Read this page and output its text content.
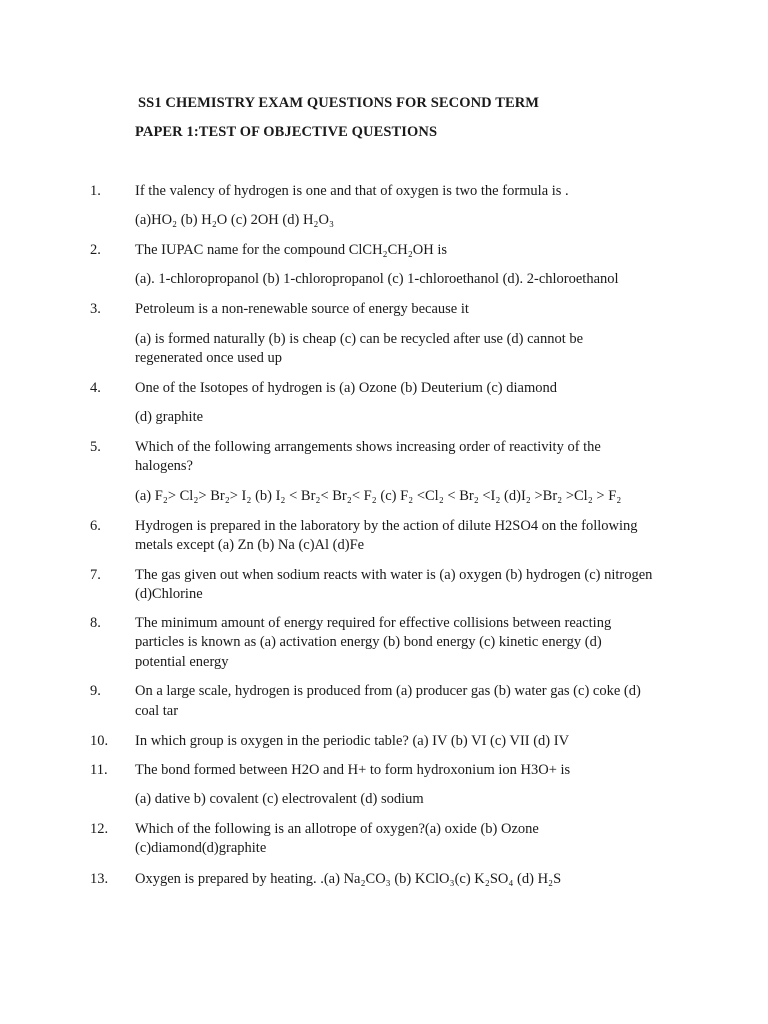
SS1 CHEMISTRY EXAM QUESTIONS FOR SECOND TERM
PAPER 1:TEST OF OBJECTIVE QUESTIONS
1.	If the valency of hydrogen is one and that of oxygen is two the formula is .
(a)HO₂ (b) H₂O (c) 2OH (d) H₂O₃
2.	The IUPAC name for the compound ClCH₂CH₂OH is
(a). 1-chloropropanol (b) 1-chloropropanol (c) 1-chloroethanol (d). 2-chloroethanol
3.	Petroleum is a non-renewable source of energy because it
(a) is formed naturally (b) is cheap (c) can be recycled after use (d) cannot be
regenerated once used up
4.	One of the Isotopes of hydrogen is (a) Ozone (b) Deuterium (c) diamond
(d) graphite
5.	Which of the following arrangements shows increasing order of reactivity of the
halogens?
(a) F₂> Cl₂> Br₂> I₂ (b) I₂ < Br₂< Br₂< F₂ (c) F₂ <Cl₂ < Br₂ <I₂ (d)I₂ >Br₂ >Cl₂ > F₂
6.	Hydrogen is prepared in the laboratory by the action of dilute H2SO4 on the following
metals except (a) Zn (b) Na (c)Al (d)Fe
7.	The gas given out when sodium reacts with water is (a) oxygen (b) hydrogen (c) nitrogen
(d)Chlorine
8.	The minimum amount of energy required for effective collisions between reacting
particles is known as (a) activation energy (b) bond energy (c) kinetic energy (d)
potential energy
9.	On a large scale, hydrogen is produced from (a) producer gas (b) water gas (c) coke (d)
coal tar
10.	In which group is oxygen in the periodic table? (a) IV (b) VI (c) VII (d) IV
11.	The bond formed between H2O and H+ to form hydroxonium ion H3O+ is
(a) dative b) covalent (c) electrovalent (d) sodium
12.	Which of the following is an allotrope of oxygen?(a) oxide (b) Ozone
(c)diamond(d)graphite
13.	Oxygen is prepared by heating. .(a) Na₂CO₃ (b) KClO₃(c) K₂SO₄ (d) H₂S
